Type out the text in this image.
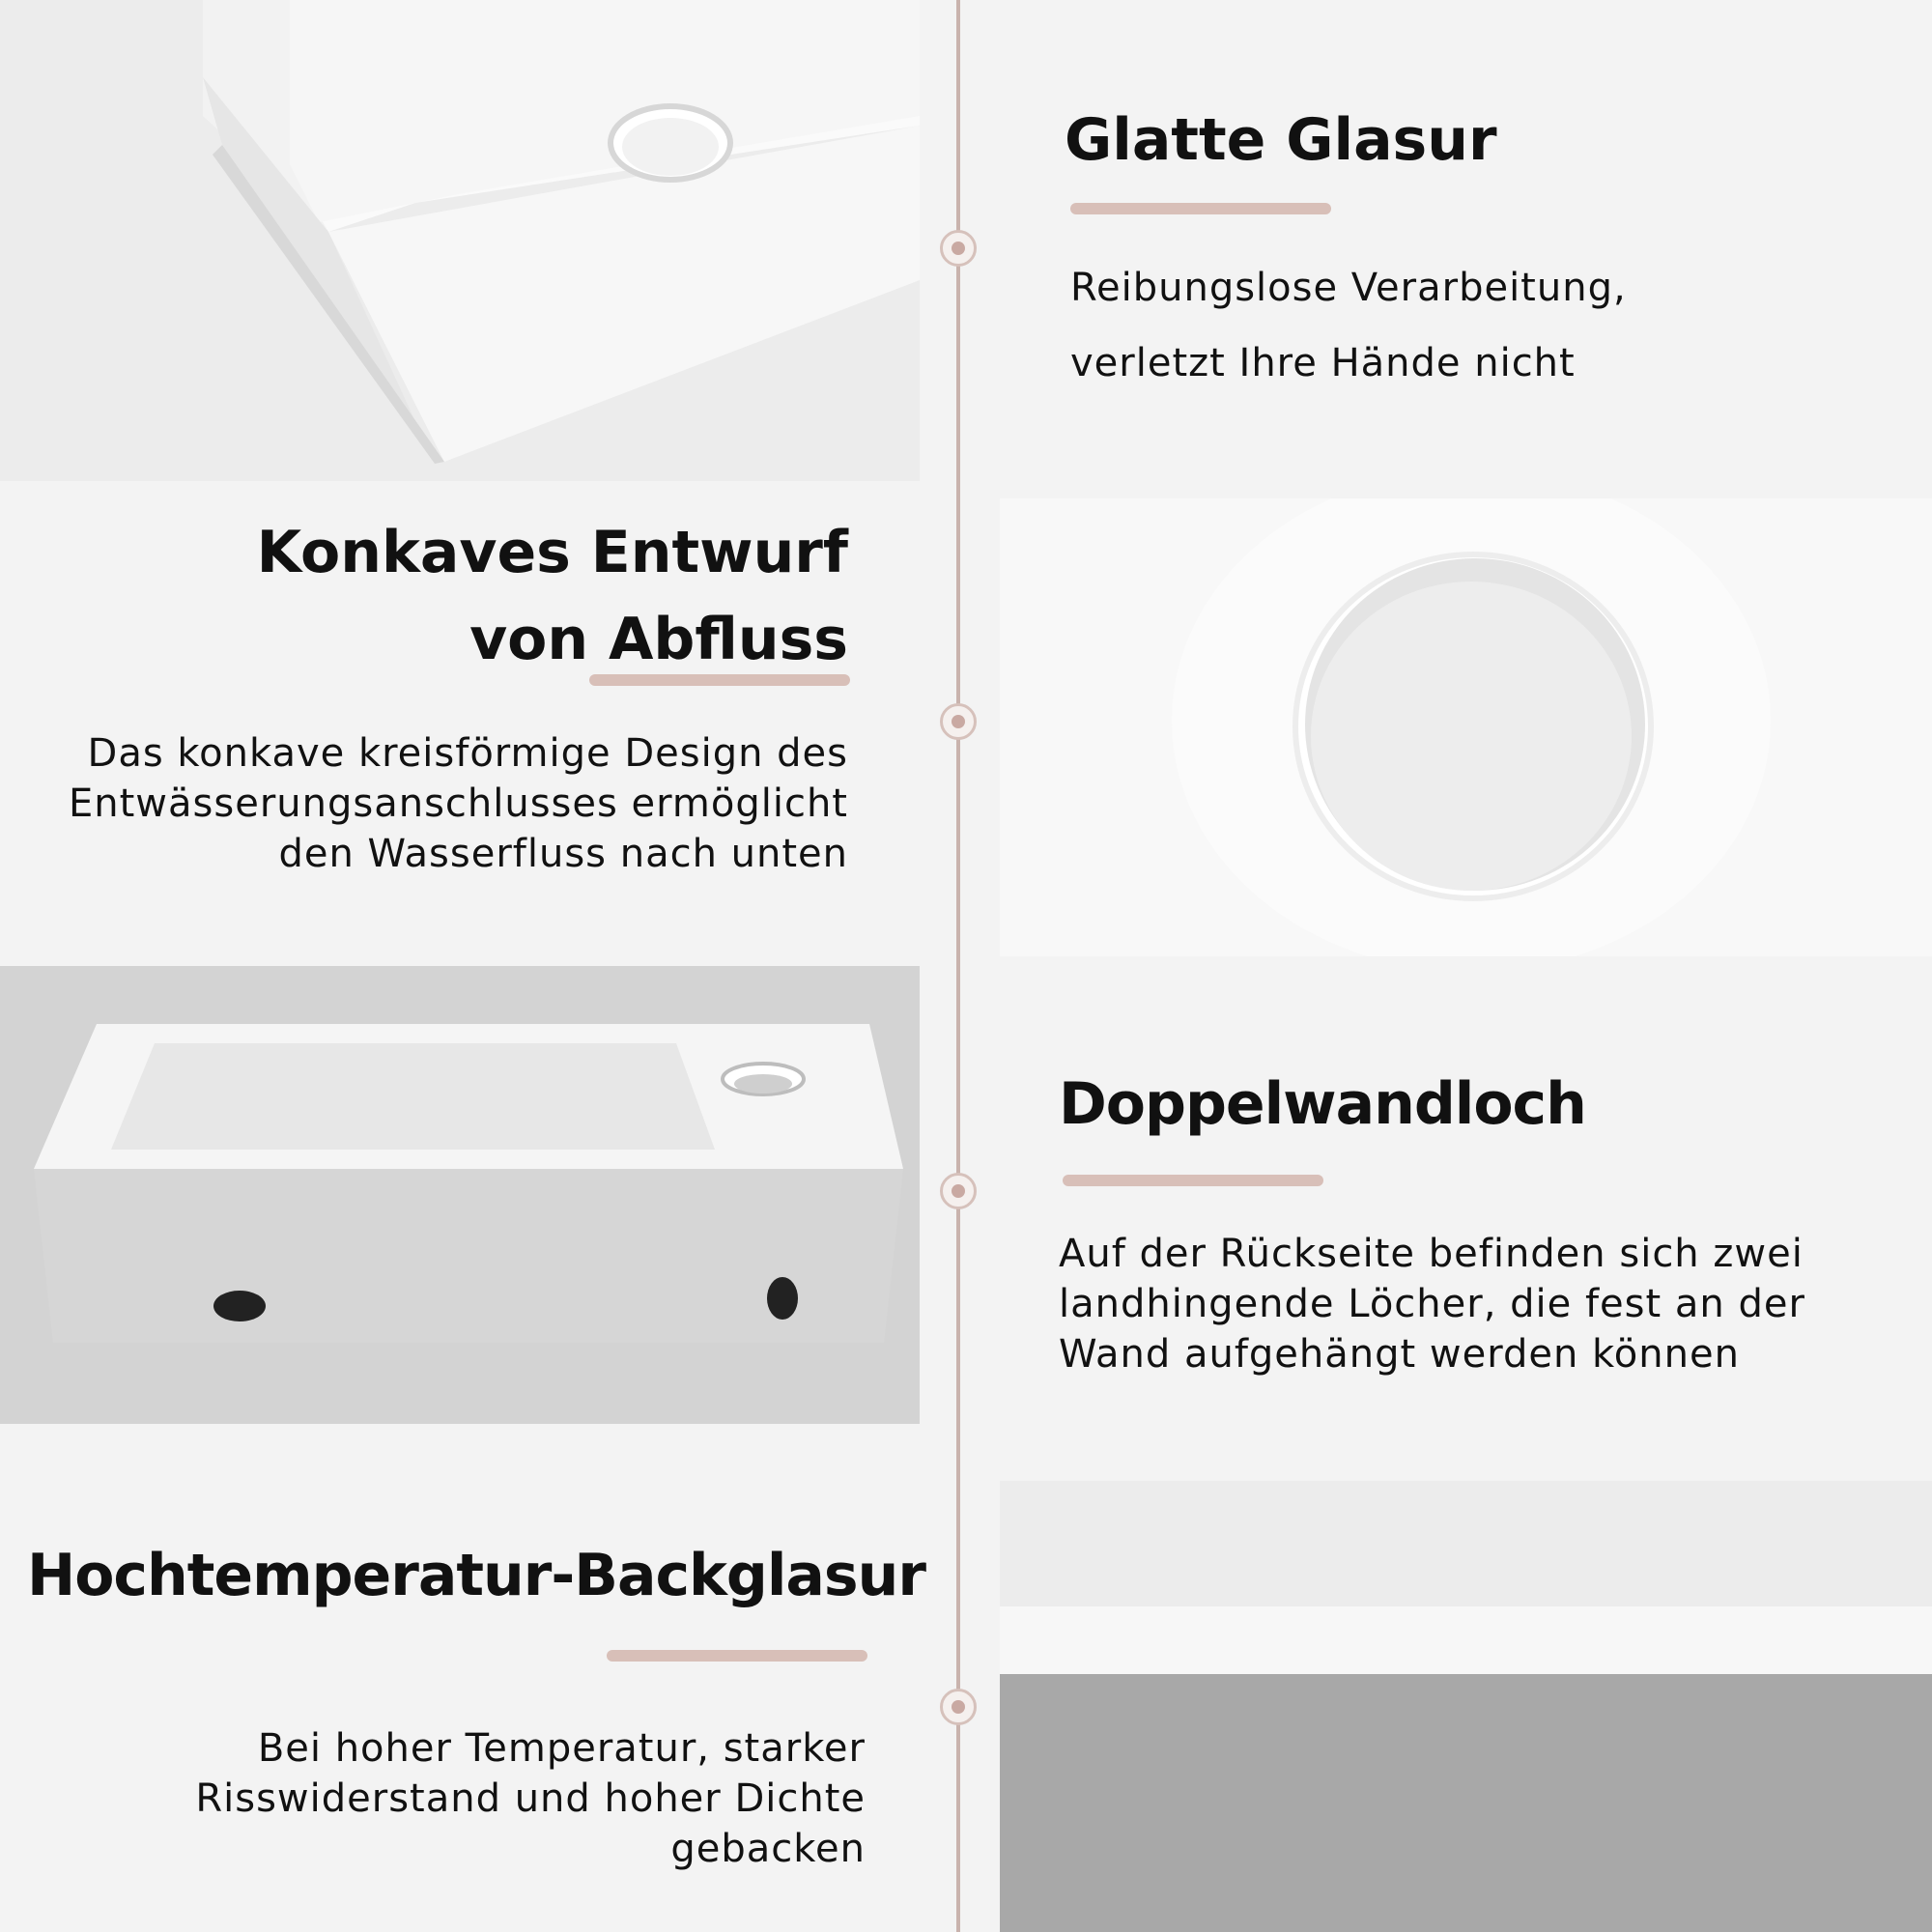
Glatte Glasur

Reibungslose Verarbeitung,

verletzt Ihre Hände nicht

Konkaves Entwurf
von Abfluss

Das konkave kreisförmige Design des

Entwässerungsanschlusses ermöglicht

den Wasserfluss nach unten

Doppelwandloch

Auf der Rückseite befinden sich zwei

landhingende Löcher, die fest an der

Wand aufgehängt werden können

Hochtemperatur-Backglasur

Bei hoher Temperatur, starker

Risswiderstand und hoher Dichte

gebacken
